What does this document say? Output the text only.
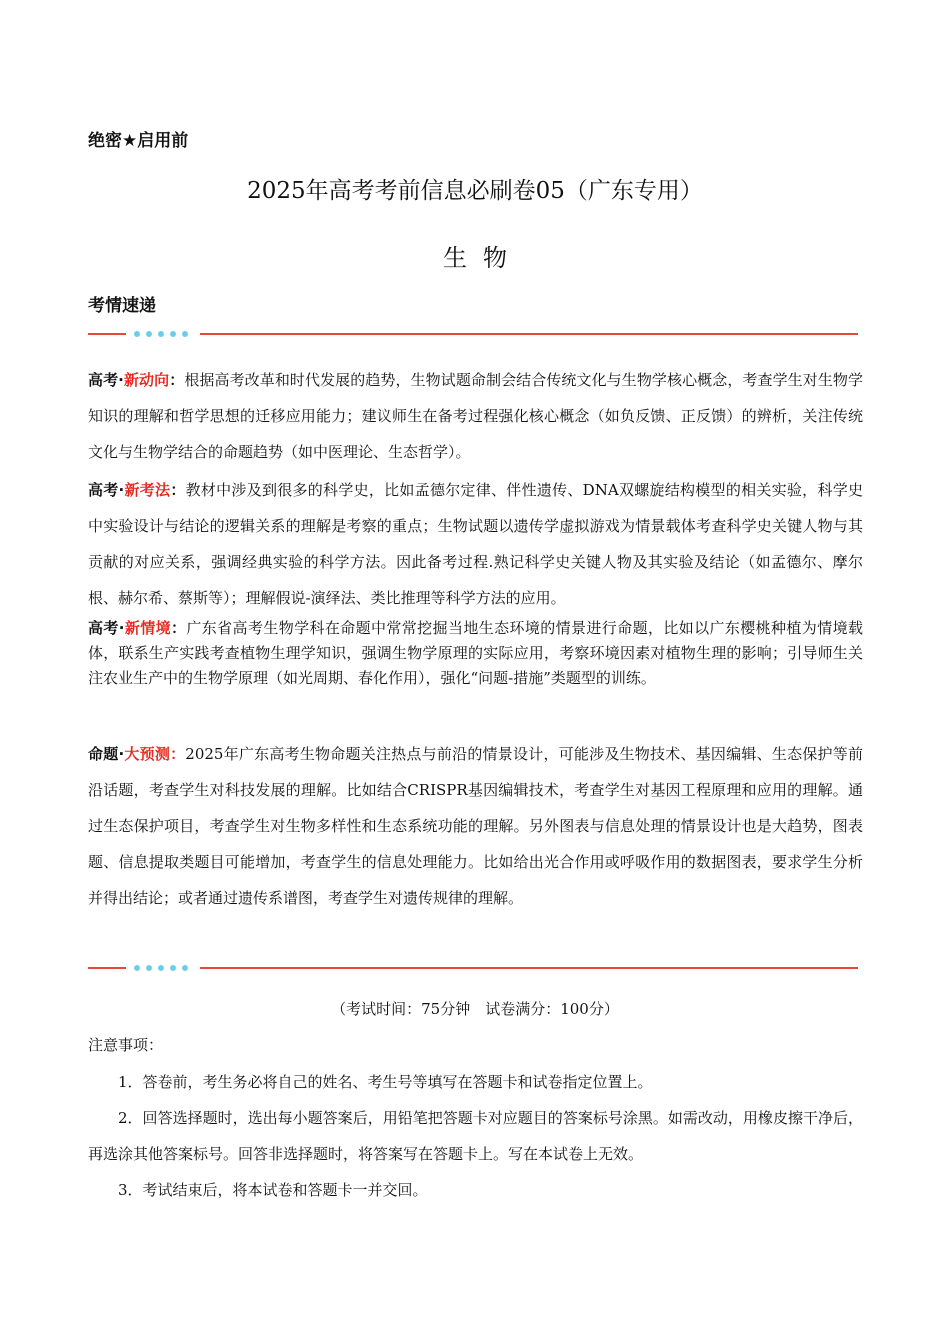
绝密★启用前
2025年高考考前信息必刷卷05（广东专用）
生物
考情速递
高考·新动向：根据高考改革和时代发展的趋势，生物试题命制会结合传统文化与生物学核心概念，考查学生对生物学知识的理解和哲学思想的迁移应用能力；建议师生在备考过程强化核心概念（如负反馈、正反馈）的辨析，关注传统文化与生物学结合的命题趋势（如中医理论、生态哲学）。
高考·新考法：教材中涉及到很多的科学史，比如孟德尔定律、伴性遗传、DNA双螺旋结构模型的相关实验，科学史中实验设计与结论的逻辑关系的理解是考察的重点；生物试题以遗传学虚拟游戏为情景载体考查科学史关键人物与其贡献的对应关系，强调经典实验的科学方法。因此备考过程.熟记科学史关键人物及其实验及结论（如孟德尔、摩尔根、赫尔希、蔡斯等）；理解假说-演绎法、类比推理等科学方法的应用。
高考·新情境：广东省高考生物学科在命题中常常挖掘当地生态环境的情景进行命题，比如以广东樱桃种植为情境载体，联系生产实践考查植物生理学知识，强调生物学原理的实际应用，考察环境因素对植物生理的影响；引导师生关注农业生产中的生物学原理（如光周期、春化作用），强化“问题-措施”类题型的训练。
命题·大预测：2025年广东高考生物命题关注热点与前沿的情景设计，可能涉及生物技术、基因编辑、生态保护等前沿话题，考查学生对科技发展的理解。比如结合CRISPR基因编辑技术，考查学生对基因工程原理和应用的理解。通过生态保护项目，考查学生对生物多样性和生态系统功能的理解。另外图表与信息处理的情景设计也是大趋势，图表题、信息提取类题目可能增加，考查学生的信息处理能力。比如给出光合作用或呼吸作用的数据图表，要求学生分析并得出结论；或者通过遗传系谱图，考查学生对遗传规律的理解。
（考试时间：75分钟　试卷满分：100分）
注意事项：
1．答卷前，考生务必将自己的姓名、考生号等填写在答题卡和试卷指定位置上。
2．回答选择题时，选出每小题答案后，用铅笔把答题卡对应题目的答案标号涂黑。如需改动，用橡皮擦干净后，再选涂其他答案标号。回答非选择题时，将答案写在答题卡上。写在本试卷上无效。
3．考试结束后，将本试卷和答题卡一并交回。
